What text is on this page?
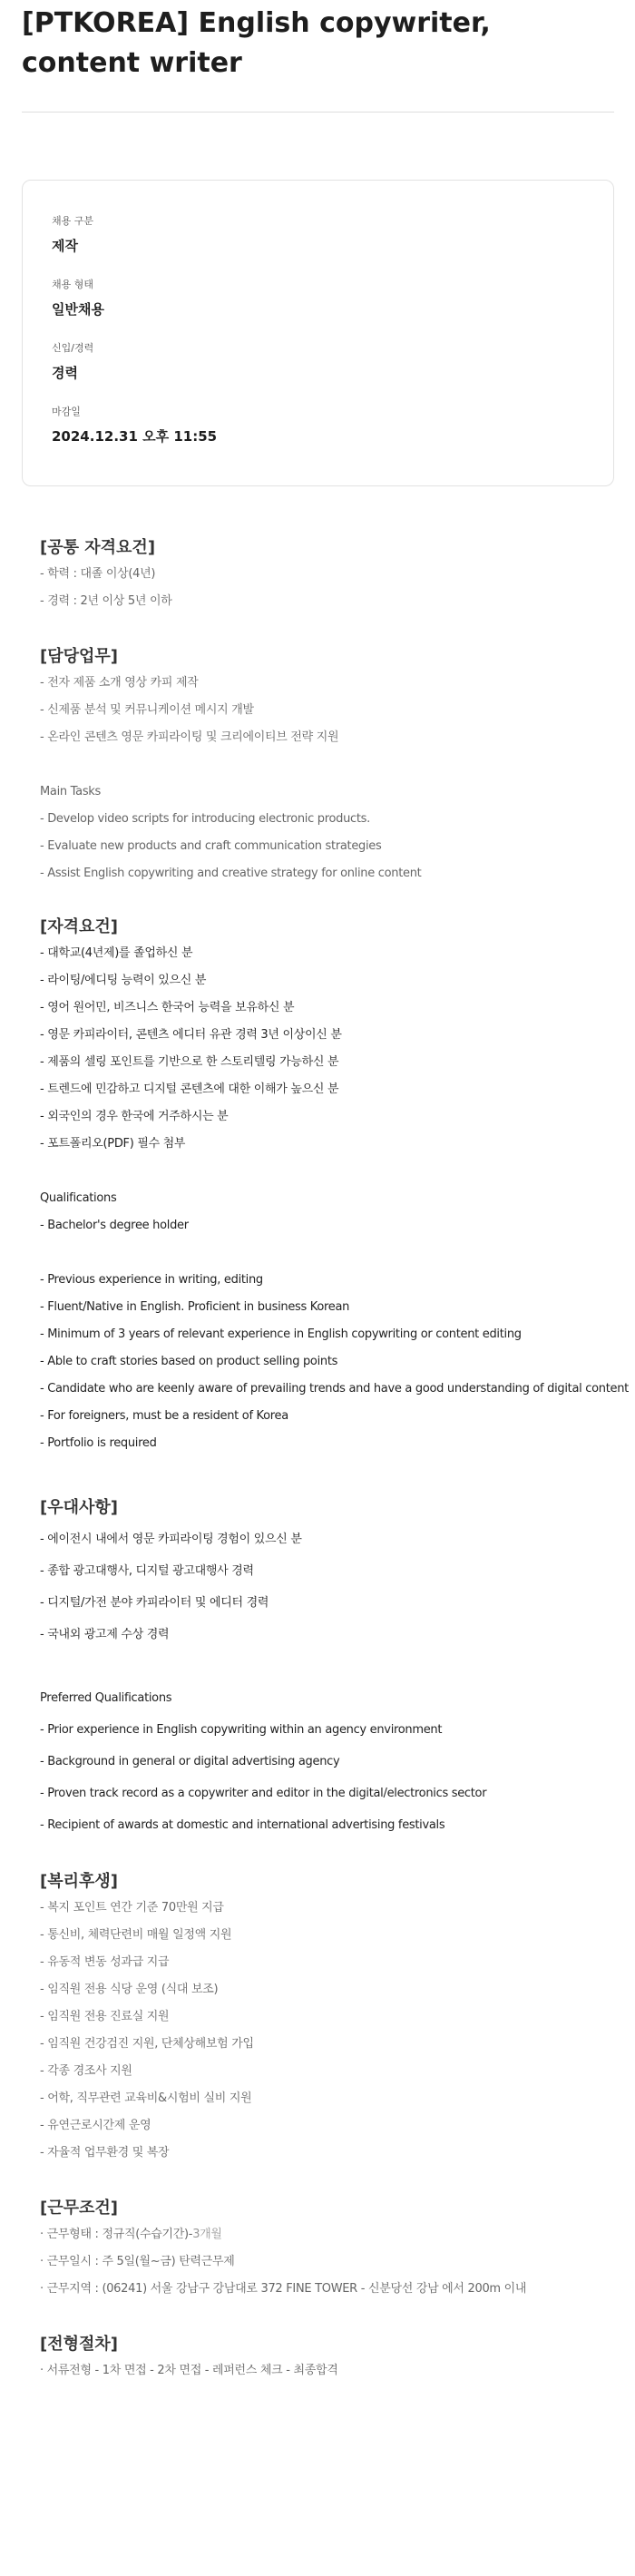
[PTKOREA] English copywriter, content writer
채용 구분
제작
채용 형태
일반채용
신입/경력
경력
마감일
2024.12.31 오후 11:55
[공통 자격요건]
- 학력 : 대졸 이상(4년)
- 경력 : 2년 이상 5년 이하
[담당업무]
- 전자 제품 소개 영상 카피 제작
- 신제품 분석 및 커뮤니케이션 메시지 개발
- 온라인 콘텐츠 영문 카피라이팅 및 크리에이티브 전략 지원
Main Tasks
- Develop video scripts for introducing electronic products.
- Evaluate new products and craft communication strategies
- Assist English copywriting and creative strategy for online content
[자격요건]
- 대학교(4년제)를 졸업하신 분
- 라이팅/에디팅 능력이 있으신 분
- 영어 원어민, 비즈니스 한국어 능력을 보유하신 분
- 영문 카피라이터, 콘텐츠 에디터 유관 경력 3년 이상이신 분
- 제품의 셀링 포인트를 기반으로 한 스토리텔링 가능하신 분
- 트렌드에 민감하고 디지털 콘텐츠에 대한 이해가 높으신 분
- 외국인의 경우 한국에 거주하시는 분
- 포트폴리오(PDF) 필수 첨부
Qualifications
- Bachelor's degree holder
- Previous experience in writing, editing
- Fluent/Native in English. Proficient in business Korean
- Minimum of 3 years of relevant experience in English copywriting or content editing
- Able to craft stories based on product selling points
- Candidate who are keenly aware of prevailing trends and have a good understanding of digital content
- For foreigners, must be a resident of Korea
- Portfolio is required
[우대사항]
- 에이전시 내에서 영문 카피라이팅 경험이 있으신 분
- 종합 광고대행사, 디지털 광고대행사 경력
- 디지털/가전 분야 카피라이터 및 에디터 경력
- 국내외 광고제 수상 경력
Preferred Qualifications
- Prior experience in English copywriting within an agency environment
- Background in general or digital advertising agency
- Proven track record as a copywriter and editor in the digital/electronics sector
- Recipient of awards at domestic and international advertising festivals
[복리후생]
- 복지 포인트 연간 기준 70만원 지급
- 통신비, 체력단련비 매월 일정액 지원
- 유동적 변동 성과급 지급
- 임직원 전용 식당 운영 (식대 보조)
- 임직원 전용 진료실 지원
- 임직원 건강검진 지원, 단체상해보험 가입
- 각종 경조사 지원
- 어학, 직무관련 교육비&시험비 실비 지원
- 유연근로시간제 운영
- 자율적 업무환경 및 복장
[근무조건]
· 근무형태 : 정규직(수습기간)-3개월
· 근무일시 : 주 5일(월~금) 탄력근무제
· 근무지역 : (06241) 서울 강남구 강남대로 372 FINE TOWER - 신분당선 강남 에서 200m 이내
[전형절차]
· 서류전형 - 1차 면접 - 2차 면접 - 레퍼런스 체크 - 최종합격
